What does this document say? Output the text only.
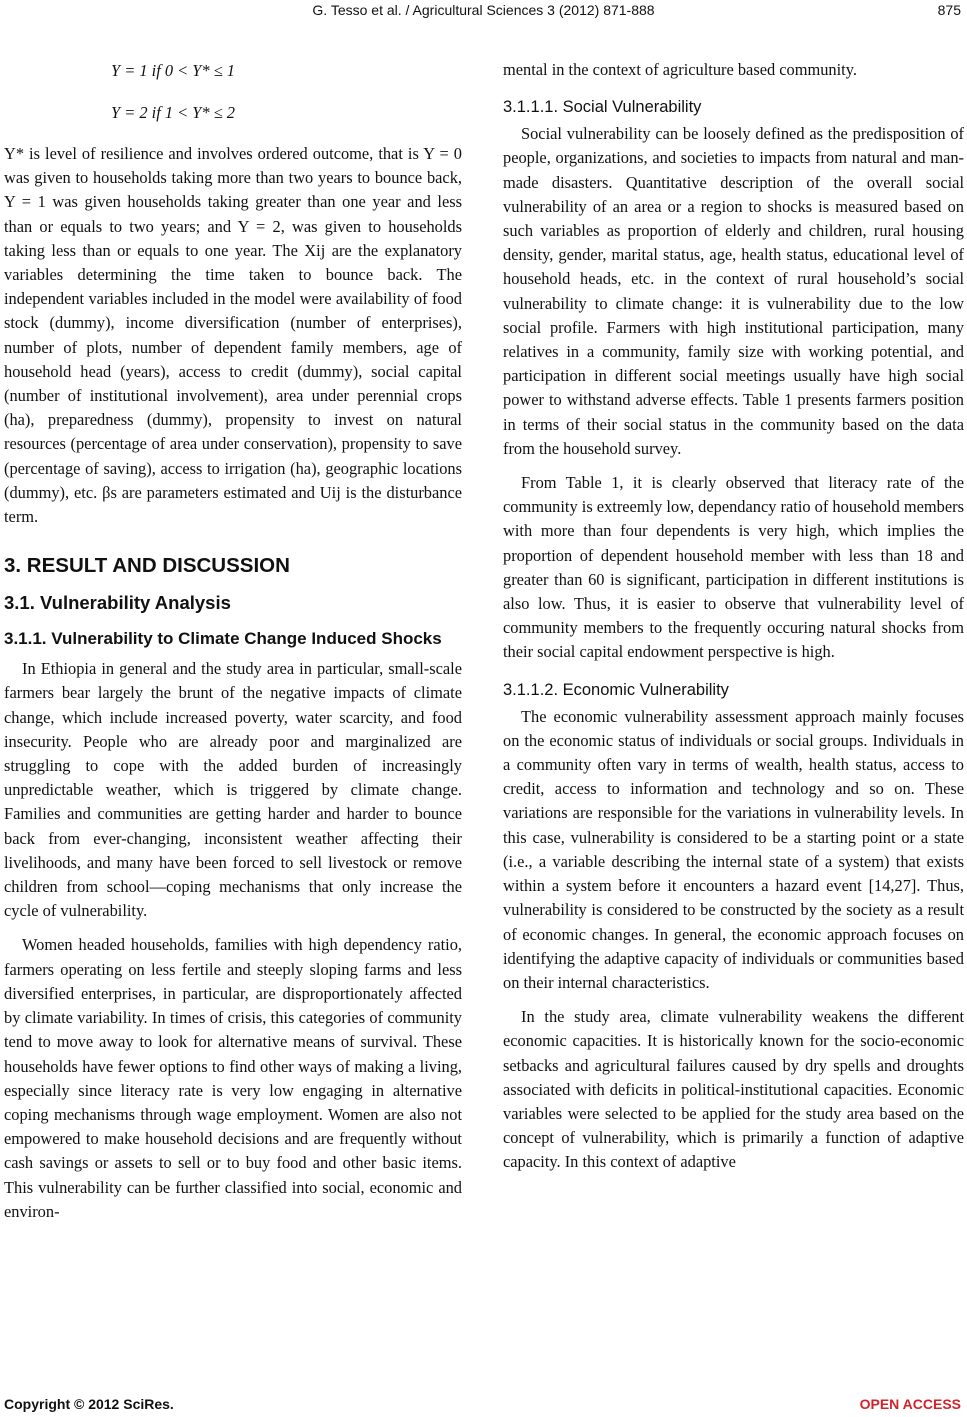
G. Tesso et al. / Agricultural Sciences 3 (2012) 871-888	875

Y = 1 if 0 < Y* ≤ 1

Y = 2 if 1 < Y* ≤ 2

Y* is level of resilience and involves ordered outcome, that is Y = 0 was given to households taking more than two years to bounce back, Y = 1 was given households taking greater than one year and less than or equals to two years; and Y = 2, was given to households taking less than or equals to one year. The Xij are the explanatory variables determining the time taken to bounce back. The independent variables included in the model were availability of food stock (dummy), income diversification (number of enterprises), number of plots, number of dependent family members, age of household head (years), access to credit (dummy), social capital (number of institutional involvement), area under perennial crops (ha), preparedness (dummy), propensity to invest on natural resources (percentage of area under conservation), propensity to save (percentage of saving), access to irrigation (ha), geographic locations (dummy), etc. βs are parameters estimated and Uij is the disturbance term.

3. RESULT AND DISCUSSION
3.1. Vulnerability Analysis
3.1.1. Vulnerability to Climate Change Induced Shocks

In Ethiopia in general and the study area in particular, small-scale farmers bear largely the brunt of the negative impacts of climate change, which include increased poverty, water scarcity, and food insecurity. People who are already poor and marginalized are struggling to cope with the added burden of increasingly unpredictable weather, which is triggered by climate change. Families and communities are getting harder and harder to bounce back from ever-changing, inconsistent weather affecting their livelihoods, and many have been forced to sell livestock or remove children from school—coping mechanisms that only increase the cycle of vulnerability.

Women headed households, families with high dependency ratio, farmers operating on less fertile and steeply sloping farms and less diversified enterprises, in particular, are disproportionately affected by climate variability. In times of crisis, this categories of community tend to move away to look for alternative means of survival. These households have fewer options to find other ways of making a living, especially since literacy rate is very low engaging in alternative coping mechanisms through wage employment. Women are also not empowered to make household decisions and are frequently without cash savings or assets to sell or to buy food and other basic items. This vulnerability can be further classified into social, economic and environ-

mental in the context of agriculture based community.

3.1.1.1. Social Vulnerability

Social vulnerability can be loosely defined as the predisposition of people, organizations, and societies to impacts from natural and man-made disasters. Quantitative description of the overall social vulnerability of an area or a region to shocks is measured based on such variables as proportion of elderly and children, rural housing density, gender, marital status, age, health status, educational level of household heads, etc. in the context of rural household’s social vulnerability to climate change: it is vulnerability due to the low social profile. Farmers with high institutional participation, many relatives in a community, family size with working potential, and participation in different social meetings usually have high social power to withstand adverse effects. Table 1 presents farmers position in terms of their social status in the community based on the data from the household survey.

From Table 1, it is clearly observed that literacy rate of the community is extreemly low, dependancy ratio of household members with more than four dependents is very high, which implies the proportion of dependent household member with less than 18 and greater than 60 is significant, participation in different institutions is also low. Thus, it is easier to observe that vulnerability level of community members to the frequently occuring natural shocks from their social capital endowment perspective is high.

3.1.1.2. Economic Vulnerability

The economic vulnerability assessment approach mainly focuses on the economic status of individuals or social groups. Individuals in a community often vary in terms of wealth, health status, access to credit, access to information and technology and so on. These variations are responsible for the variations in vulnerability levels. In this case, vulnerability is considered to be a starting point or a state (i.e., a variable describing the internal state of a system) that exists within a system before it encounters a hazard event [14,27]. Thus, vulnerability is considered to be constructed by the society as a result of economic changes. In general, the economic approach focuses on identifying the adaptive capacity of individuals or communities based on their internal characteristics.

In the study area, climate vulnerability weakens the different economic capacities. It is historically known for the socio-economic setbacks and agricultural failures caused by dry spells and droughts associated with deficits in political-institutional capacities. Economic variables were selected to be applied for the study area based on the concept of vulnerability, which is primarily a function of adaptive capacity. In this context of adaptive

Copyright © 2012 SciRes.	OPEN ACCESS
